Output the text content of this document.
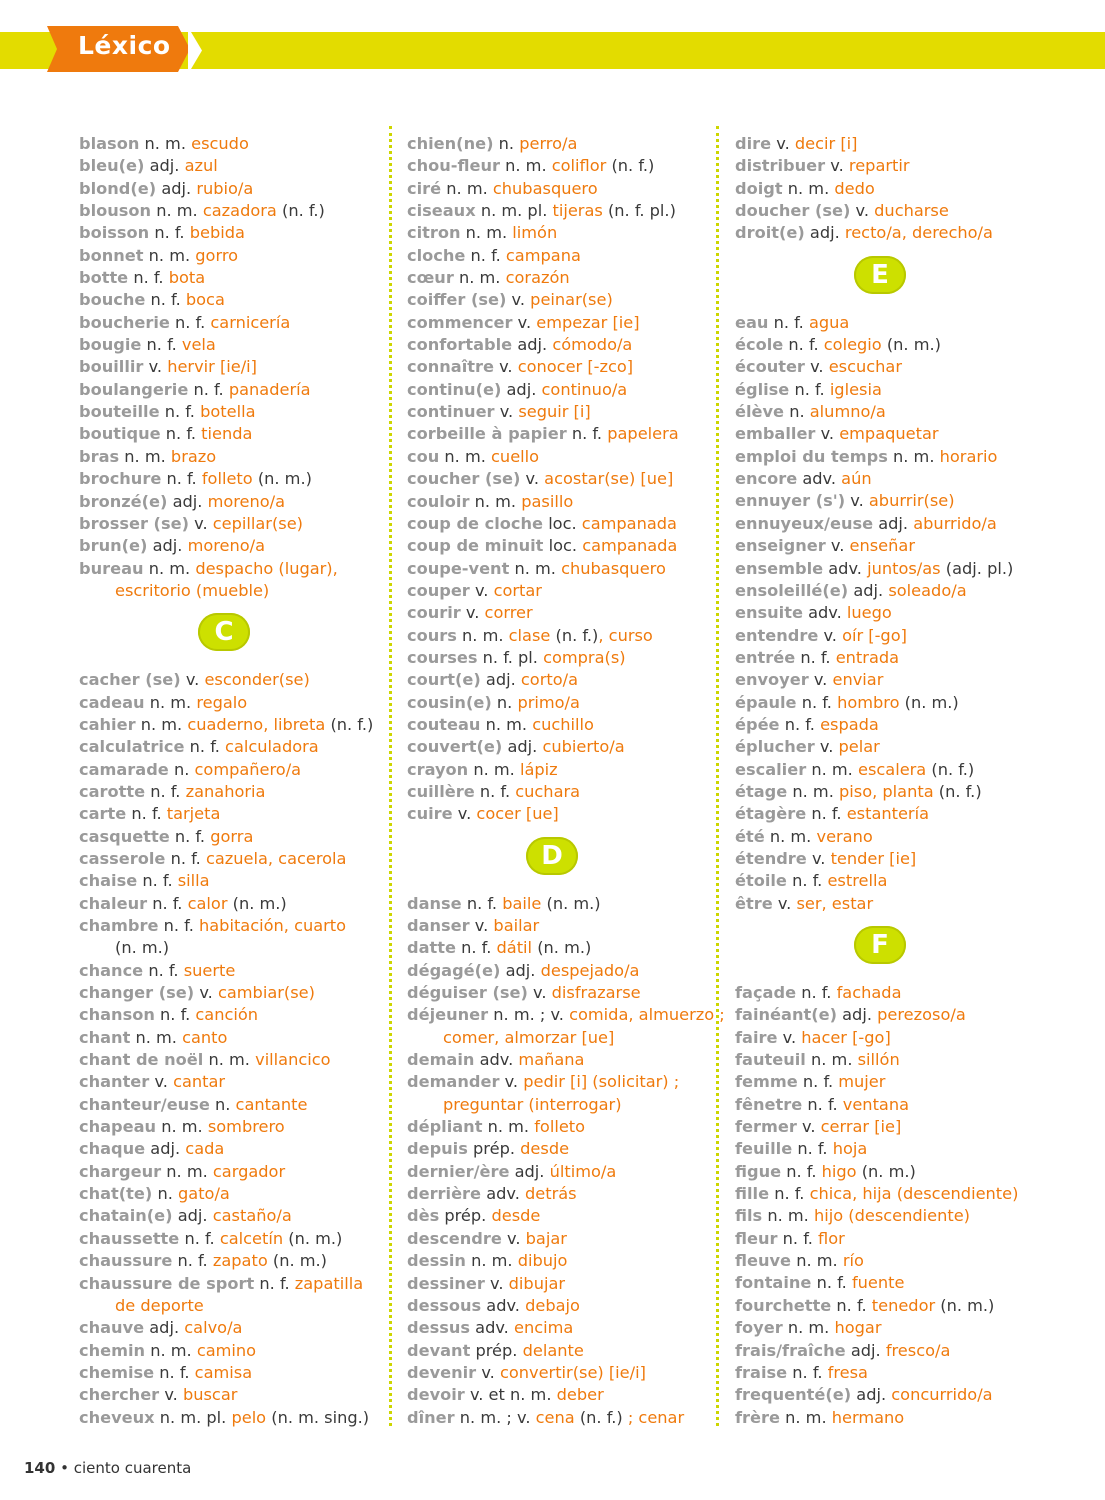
Léxico
blason n. m. escudo
bleu(e) adj. azul
blond(e) adj. rubio/a
blouson n. m. cazadora (n. f.)
boisson n. f. bebida
bonnet n. m. gorro
botte n. f. bota
bouche n. f. boca
boucherie n. f. carnicería
bougie n. f. vela
bouillir v. hervir [ie/i]
boulangerie n. f. panadería
bouteille n. f. botella
boutique n. f. tienda
bras n. m. brazo
brochure n. f. folleto (n. m.)
bronzé(e) adj. moreno/a
brosser (se) v. cepillar(se)
brun(e) adj. moreno/a
bureau n. m. despacho (lugar),
escritorio (mueble)
C
cacher (se) v. esconder(se)
cadeau n. m. regalo
cahier n. m. cuaderno, libreta (n. f.)
calculatrice n. f. calculadora
camarade n. compañero/a
carotte n. f. zanahoria
carte n. f. tarjeta
casquette n. f. gorra
casserole n. f. cazuela, cacerola
chaise n. f. silla
chaleur n. f. calor (n. m.)
chambre n. f. habitación, cuarto
(n. m.)
chance n. f. suerte
changer (se) v. cambiar(se)
chanson n. f. canción
chant n. m. canto
chant de noël n. m. villancico
chanter v. cantar
chanteur/euse n. cantante
chapeau n. m. sombrero
chaque adj. cada
chargeur n. m. cargador
chat(te) n. gato/a
chatain(e) adj. castaño/a
chaussette n. f. calcetín (n. m.)
chaussure n. f. zapato (n. m.)
chaussure de sport n. f. zapatilla
de deporte
chauve adj. calvo/a
chemin n. m. camino
chemise n. f. camisa
chercher v. buscar
cheveux n. m. pl. pelo (n. m. sing.)
chien(ne) n. perro/a
chou-fleur n. m. coliflor (n. f.)
ciré n. m. chubasquero
ciseaux n. m. pl. tijeras (n. f. pl.)
citron n. m. limón
cloche n. f. campana
cœur n. m. corazón
coiffer (se) v. peinar(se)
commencer v. empezar [ie]
confortable adj. cómodo/a
connaître v. conocer [-zco]
continu(e) adj. continuo/a
continuer v. seguir [i]
corbeille à papier n. f. papelera
cou n. m. cuello
coucher (se) v. acostar(se) [ue]
couloir n. m. pasillo
coup de cloche loc. campanada
coup de minuit loc. campanada
coupe-vent n. m. chubasquero
couper v. cortar
courir v. correr
cours n. m. clase (n. f.), curso
courses n. f. pl. compra(s)
court(e) adj. corto/a
cousin(e) n. primo/a
couteau n. m. cuchillo
couvert(e) adj. cubierto/a
crayon n. m. lápiz
cuillère n. f. cuchara
cuire v. cocer [ue]
D
danse n. f. baile (n. m.)
danser v. bailar
datte n. f. dátil (n. m.)
dégagé(e) adj. despejado/a
déguiser (se) v. disfrazarse
déjeuner n. m. ; v. comida, almuerzo ;
comer, almorzar [ue]
demain adv. mañana
demander v. pedir [i] (solicitar) ;
preguntar (interrogar)
dépliant n. m. folleto
depuis prép. desde
dernier/ère adj. último/a
derrière adv. detrás
dès prép. desde
descendre v. bajar
dessin n. m. dibujo
dessiner v. dibujar
dessous adv. debajo
dessus adv. encima
devant prép. delante
devenir v. convertir(se) [ie/i]
devoir v. et n. m. deber
dîner n. m. ; v. cena (n. f.) ; cenar
dire v. decir [i]
distribuer v. repartir
doigt n. m. dedo
doucher (se) v. ducharse
droit(e) adj. recto/a, derecho/a
E
eau n. f. agua
école n. f. colegio (n. m.)
écouter v. escuchar
église n. f. iglesia
élève n. alumno/a
emballer v. empaquetar
emploi du temps n. m. horario
encore adv. aún
ennuyer (s') v. aburrir(se)
ennuyeux/euse adj. aburrido/a
enseigner v. enseñar
ensemble adv. juntos/as (adj. pl.)
ensoleillé(e) adj. soleado/a
ensuite adv. luego
entendre v. oír [-go]
entrée n. f. entrada
envoyer v. enviar
épaule n. f. hombro (n. m.)
épée n. f. espada
éplucher v. pelar
escalier n. m. escalera (n. f.)
étage n. m. piso, planta (n. f.)
étagère n. f. estantería
été n. m. verano
étendre v. tender [ie]
étoile n. f. estrella
être v. ser, estar
F
façade n. f. fachada
fainéant(e) adj. perezoso/a
faire v. hacer [-go]
fauteuil n. m. sillón
femme n. f. mujer
fênetre n. f. ventana
fermer v. cerrar [ie]
feuille n. f. hoja
figue n. f. higo (n. m.)
fille n. f. chica, hija (descendiente)
fils n. m. hijo (descendiente)
fleur n. f. flor
fleuve n. m. río
fontaine n. f. fuente
fourchette n. f. tenedor (n. m.)
foyer n. m. hogar
frais/fraîche adj. fresco/a
fraise n. f. fresa
frequenté(e) adj. concurrido/a
frère n. m. hermano
140 • ciento cuarenta
